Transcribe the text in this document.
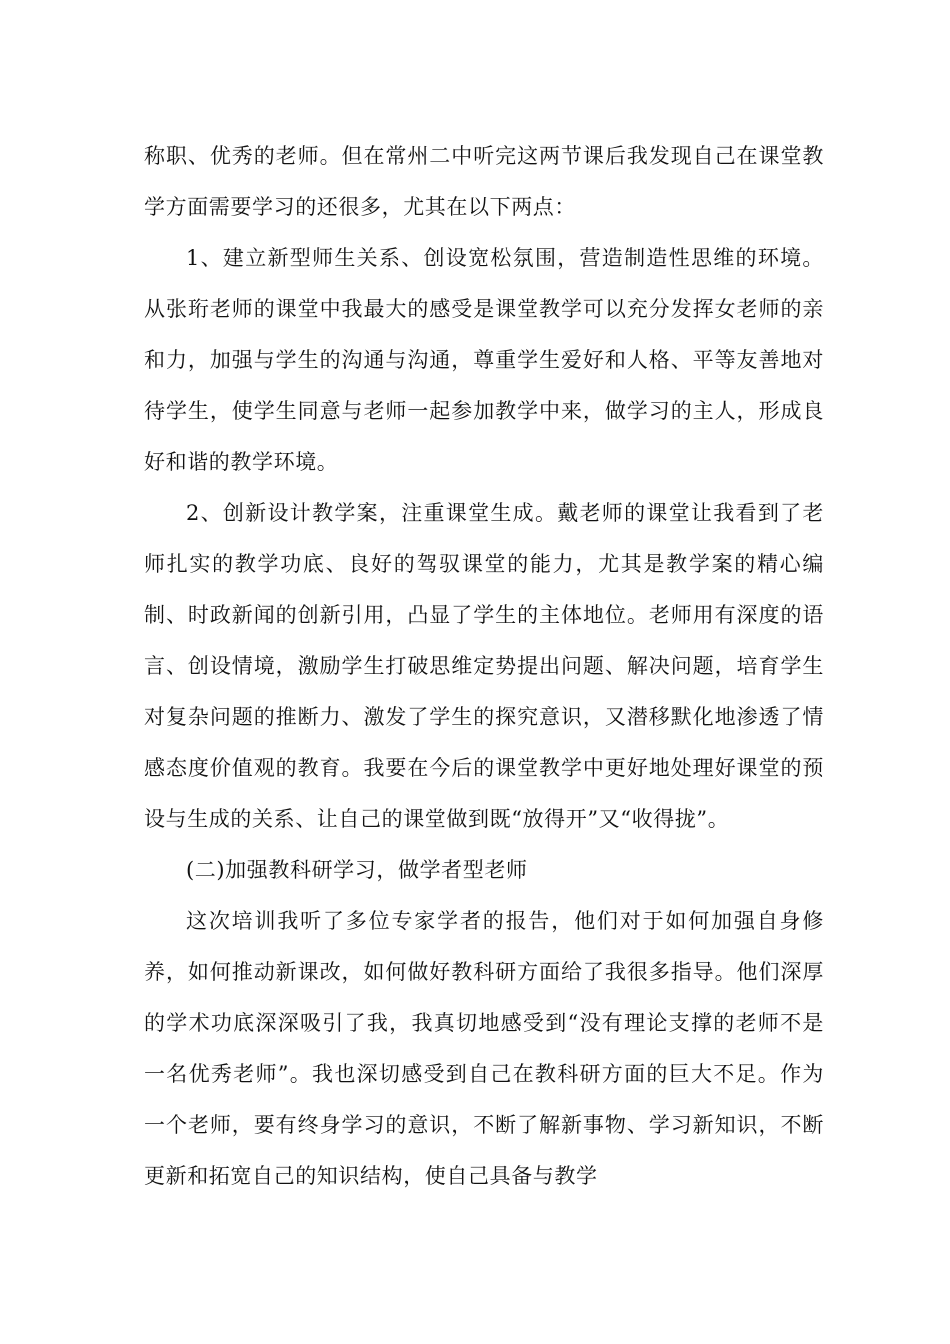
称职、优秀的老师。但在常州二中听完这两节课后我发现自己在课堂教学方面需要学习的还很多，尤其在以下两点：

1、建立新型师生关系、创设宽松氛围，营造制造性思维的环境。从张珩老师的课堂中我最大的感受是课堂教学可以充分发挥女老师的亲和力，加强与学生的沟通与沟通，尊重学生爱好和人格、平等友善地对待学生，使学生同意与老师一起参加教学中来，做学习的主人，形成良好和谐的教学环境。

2、创新设计教学案，注重课堂生成。戴老师的课堂让我看到了老师扎实的教学功底、良好的驾驭课堂的能力，尤其是教学案的精心编制、时政新闻的创新引用，凸显了学生的主体地位。老师用有深度的语言、创设情境，激励学生打破思维定势提出问题、解决问题，培育学生对复杂问题的推断力、激发了学生的探究意识，又潜移默化地渗透了情感态度价值观的教育。我要在今后的课堂教学中更好地处理好课堂的预设与生成的关系、让自己的课堂做到既“放得开”又“收得拢”。

(二)加强教科研学习，做学者型老师

这次培训我听了多位专家学者的报告，他们对于如何加强自身修养，如何推动新课改，如何做好教科研方面给了我很多指导。他们深厚的学术功底深深吸引了我，我真切地感受到“没有理论支撑的老师不是一名优秀老师”。我也深切感受到自己在教科研方面的巨大不足。作为一个老师，要有终身学习的意识，不断了解新事物、学习新知识，不断更新和拓宽自己的知识结构，使自己具备与教学
